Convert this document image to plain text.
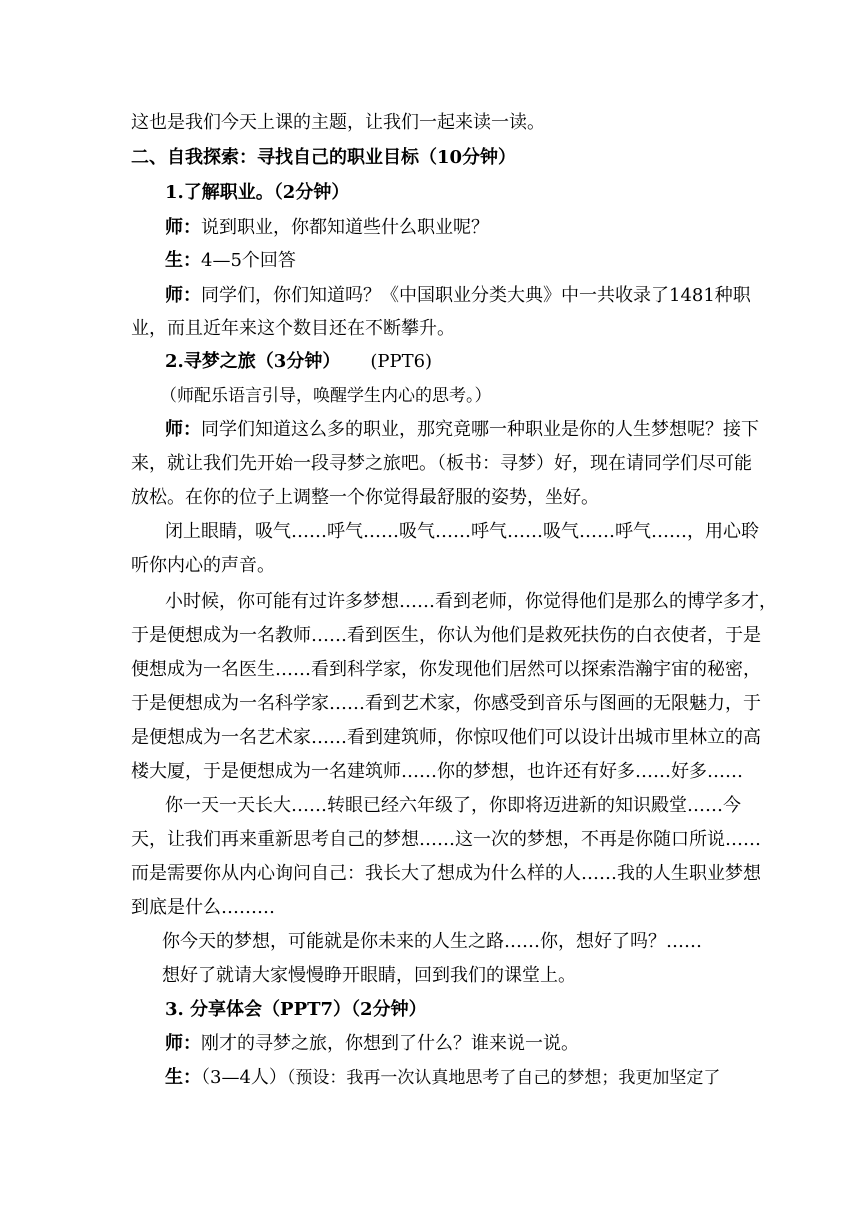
这也是我们今天上课的主题，让我们一起来读一读。
二、自我探索：寻找自己的职业目标（10分钟）
1.了解职业。（2分钟）
师：说到职业，你都知道些什么职业呢？
生：4—5个回答
师：同学们，你们知道吗？《中国职业分类大典》中一共收录了1481种职
业，而且近年来这个数目还在不断攀升。
2.寻梦之旅（3分钟） (PPT6)
（师配乐语言引导，唤醒学生内心的思考。）
师：同学们知道这么多的职业，那究竟哪一种职业是你的人生梦想呢？接下
来，就让我们先开始一段寻梦之旅吧。（板书：寻梦）好，现在请同学们尽可能
放松。在你的位子上调整一个你觉得最舒服的姿势，坐好。
闭上眼睛，吸气……呼气……吸气……呼气……吸气……呼气……，用心聆
听你内心的声音。
小时候，你可能有过许多梦想……看到老师，你觉得他们是那么的博学多才，
于是便想成为一名教师……看到医生，你认为他们是救死扶伤的白衣使者，于是
便想成为一名医生……看到科学家，你发现他们居然可以探索浩瀚宇宙的秘密，
于是便想成为一名科学家……看到艺术家，你感受到音乐与图画的无限魅力，于
是便想成为一名艺术家……看到建筑师，你惊叹他们可以设计出城市里林立的高
楼大厦，于是便想成为一名建筑师……你的梦想，也许还有好多……好多……
你一天一天长大……转眼已经六年级了，你即将迈进新的知识殿堂……今
天，让我们再来重新思考自己的梦想……这一次的梦想，不再是你随口所说……
而是需要你从内心询问自己：我长大了想成为什么样的人……我的人生职业梦想
到底是什么………
你今天的梦想，可能就是你未来的人生之路……你，想好了吗？……
想好了就请大家慢慢睁开眼睛，回到我们的课堂上。
3. 分享体会（PPT7）（2分钟）
师：刚才的寻梦之旅，你想到了什么？谁来说一说。
生：（3—4人）（预设：我再一次认真地思考了自己的梦想；我更加坚定了
